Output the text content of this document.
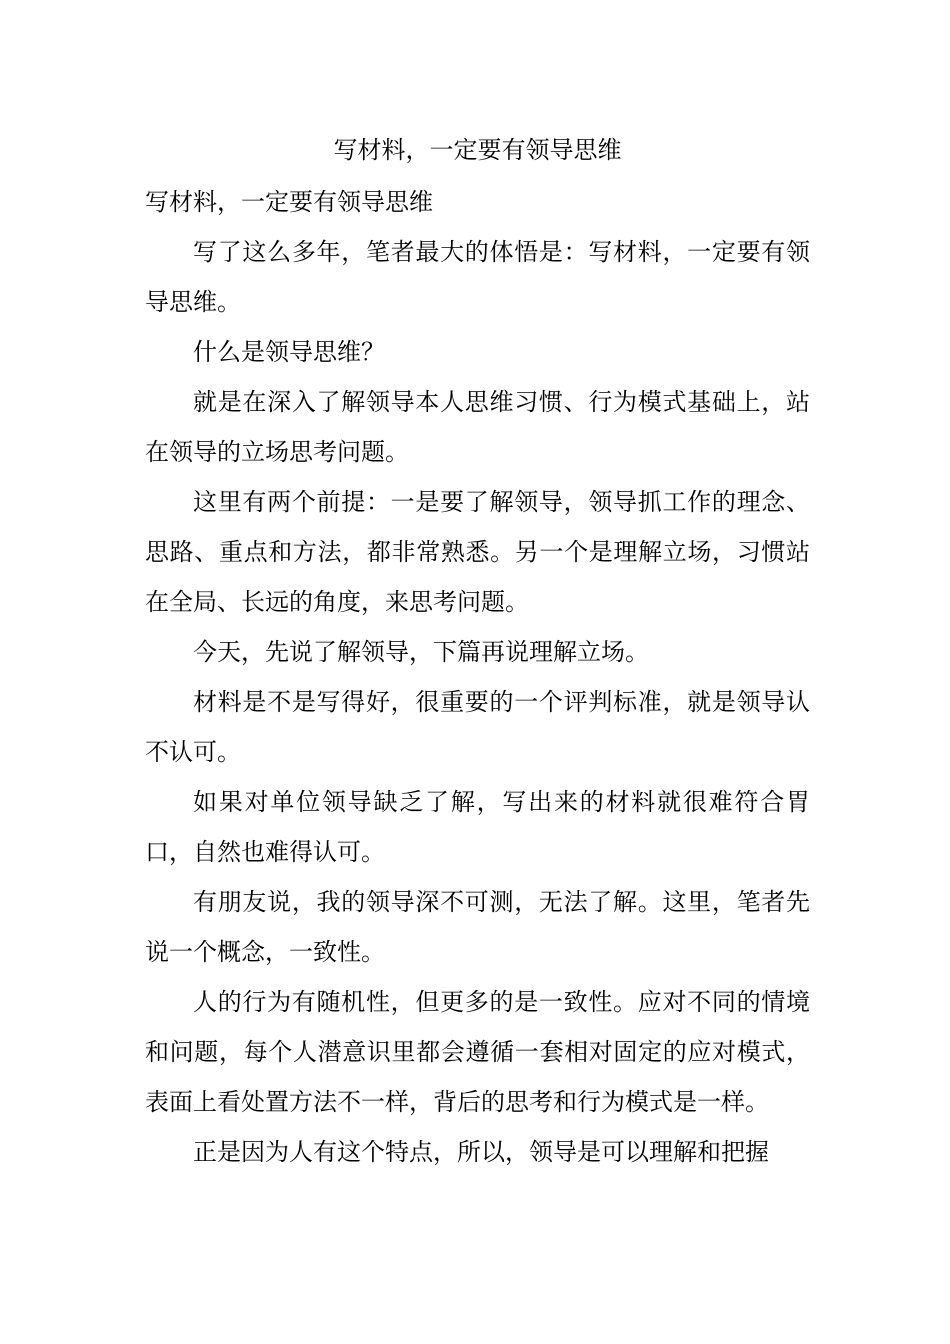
写材料，一定要有领导思维

写材料，一定要有领导思维

写了这么多年，笔者最大的体悟是：写材料，一定要有领导思维。

什么是领导思维？

就是在深入了解领导本人思维习惯、行为模式基础上，站在领导的立场思考问题。

这里有两个前提：一是要了解领导，领导抓工作的理念、思路、重点和方法，都非常熟悉。另一个是理解立场，习惯站在全局、长远的角度，来思考问题。

今天，先说了解领导，下篇再说理解立场。

材料是不是写得好，很重要的一个评判标准，就是领导认不认可。

如果对单位领导缺乏了解，写出来的材料就很难符合胃口，自然也难得认可。

有朋友说，我的领导深不可测，无法了解。这里，笔者先说一个概念，一致性。

人的行为有随机性，但更多的是一致性。应对不同的情境和问题，每个人潜意识里都会遵循一套相对固定的应对模式，表面上看处置方法不一样，背后的思考和行为模式是一样。

正是因为人有这个特点，所以，领导是可以理解和把握
